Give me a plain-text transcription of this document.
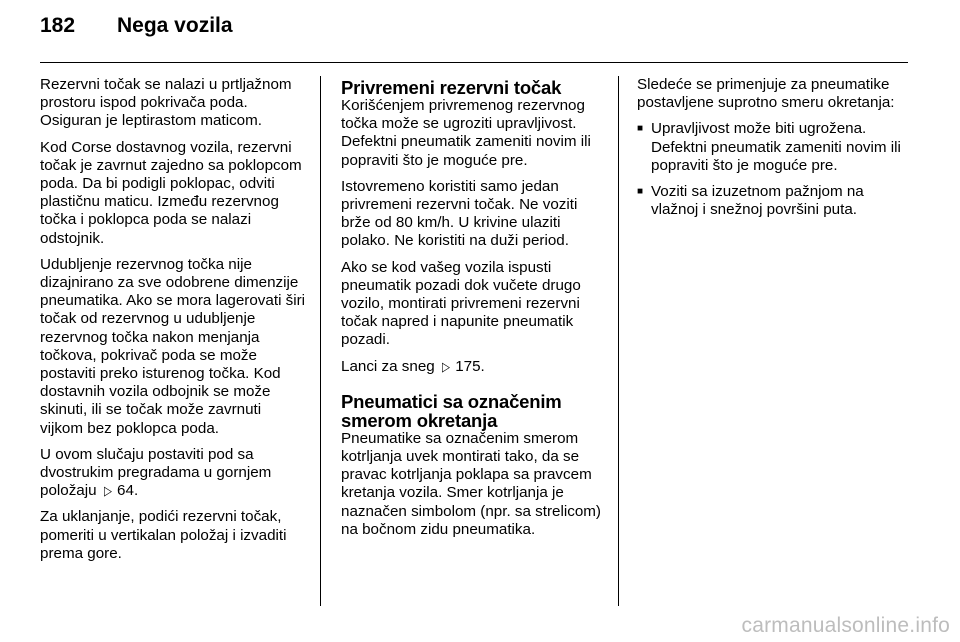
182	Nega vozila

Rezervni točak se nalazi u prtljažnom prostoru ispod pokrivača poda. Osiguran je leptirastom maticom.

Kod Corse dostavnog vozila, rezervni točak je zavrnut zajedno sa poklopcom poda. Da bi podigli poklopac, odviti plastičnu maticu. Između rezervnog točka i poklopca poda se nalazi odstojnik.

Udubljenje rezervnog točka nije dizajnirano za sve odobrene dimenzije pneumatika. Ako se mora lagerovati širi točak od rezervnog u udubljenje rezervnog točka nakon menjanja točkova, pokrivač poda se može postaviti preko isturenog točka. Kod dostavnih vozila odbojnik se može skinuti, ili se točak može zavrnuti vijkom bez poklopca poda.

U ovom slučaju postaviti pod sa dvostrukim pregradama u gornjem položaju ▷ 64.

Za uklanjanje, podići rezervni točak, pomeriti u vertikalan položaj i izvaditi prema gore.

Privremeni rezervni točak

Korišćenjem privremenog rezervnog točka može se ugroziti upravljivost. Defektni pneumatik zameniti novim ili popraviti što je moguće pre.

Istovremeno koristiti samo jedan privremeni rezervni točak. Ne voziti brže od 80 km/h. U krivine ulaziti polako. Ne koristiti na duži period.

Ako se kod vašeg vozila ispusti pneumatik pozadi dok vučete drugo vozilo, montirati privremeni rezervni točak napred i napunite pneumatik pozadi.

Lanci za sneg ▷ 175.

Pneumatici sa označenim smerom okretanja

Pneumatike sa označenim smerom kotrljanja uvek montirati tako, da se pravac kotrljanja poklapa sa pravcem kretanja vozila. Smer kotrljanja je naznačen simbolom (npr. sa strelicom) na bočnom zidu pneumatika.

Sledeće se primenjuje za pneumatike postavljene suprotno smeru okretanja:

■ Upravljivost može biti ugrožena. Defektni pneumatik zameniti novim ili popraviti što je moguće pre.
■ Voziti sa izuzetnom pažnjom na vlažnoj i snežnoj površini puta.
carmanualsonline.info
